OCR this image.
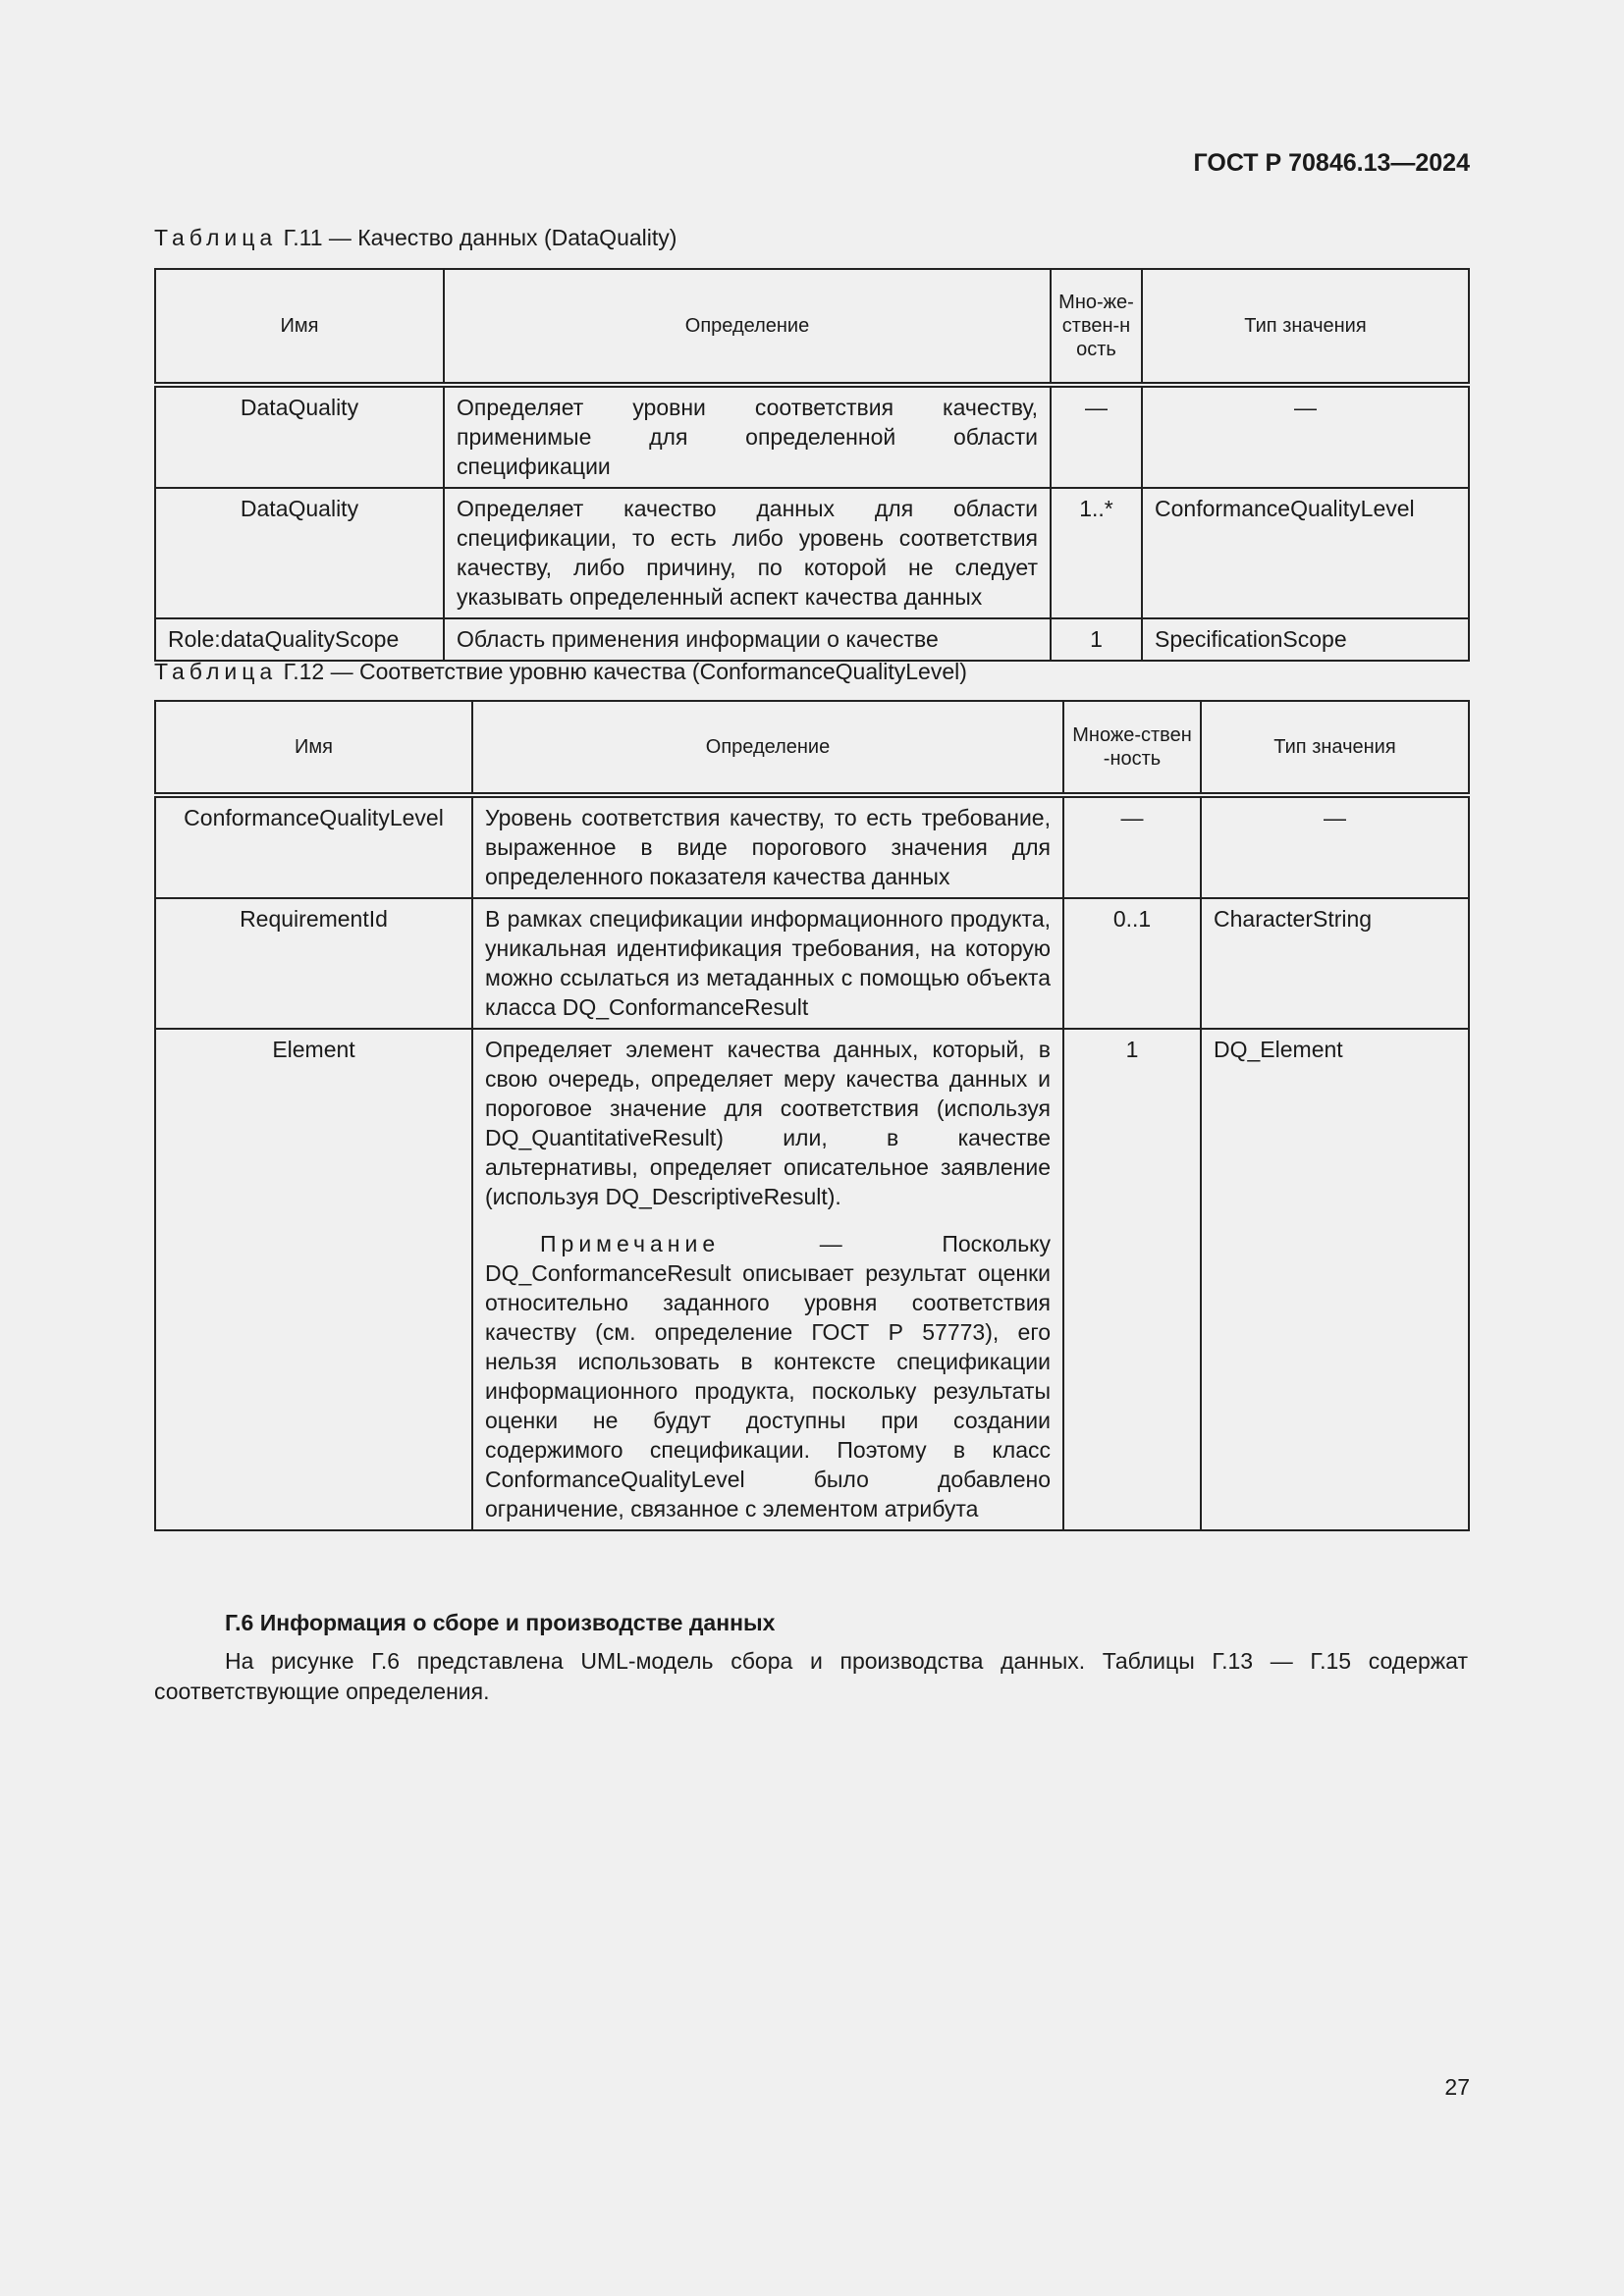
ГОСТ Р 70846.13—2024
Таблица Г.11 — Качество данных (DataQuality)
Имя	Определение	Мно-же-ствен-ность	Тип значения
DataQuality	Определяет уровни соответствия качеству, применимые для определенной области спецификации	—	—
DataQuality	Определяет качество данных для области спецификации, то есть либо уровень соответствия качеству, либо причину, по которой не следует указывать определенный аспект качества данных	1..*	ConformanceQualityLevel
Role:dataQualityScope	Область применения информации о качестве	1	SpecificationScope
Таблица Г.12 — Соответствие уровню качества (ConformanceQualityLevel)
Имя	Определение	Множе-ствен-ность	Тип значения
ConformanceQualityLevel	Уровень соответствия качеству, то есть требование, выраженное в виде порогового значения для определенного показателя качества данных	—	—
RequirementId	В рамках спецификации информационного продукта, уникальная идентификация требования, на которую можно ссылаться из метаданных с помощью объекта класса DQ_ConformanceResult	0..1	CharacterString
Element	Определяет элемент качества данных, который, в свою очередь, определяет меру качества данных и пороговое значение для соответствия (используя DQ_QuantitativeResult) или, в качестве альтернативы, определяет описательное заявление (используя DQ_DescriptiveResult).
Примечание — Поскольку DQ_ConformanceResult описывает результат оценки относительно заданного уровня соответствия качеству (см. определение ГОСТ Р 57773), его нельзя использовать в контексте спецификации информационного продукта, поскольку результаты оценки не будут доступны при создании содержимого спецификации. Поэтому в класс ConformanceQualityLevel было добавлено ограничение, связанное с элементом атрибута	1	DQ_Element
Г.6 Информация о сборе и производстве данных
На рисунке Г.6 представлена UML-модель сбора и производства данных. Таблицы Г.13 — Г.15 содержат соответствующие определения.
27
